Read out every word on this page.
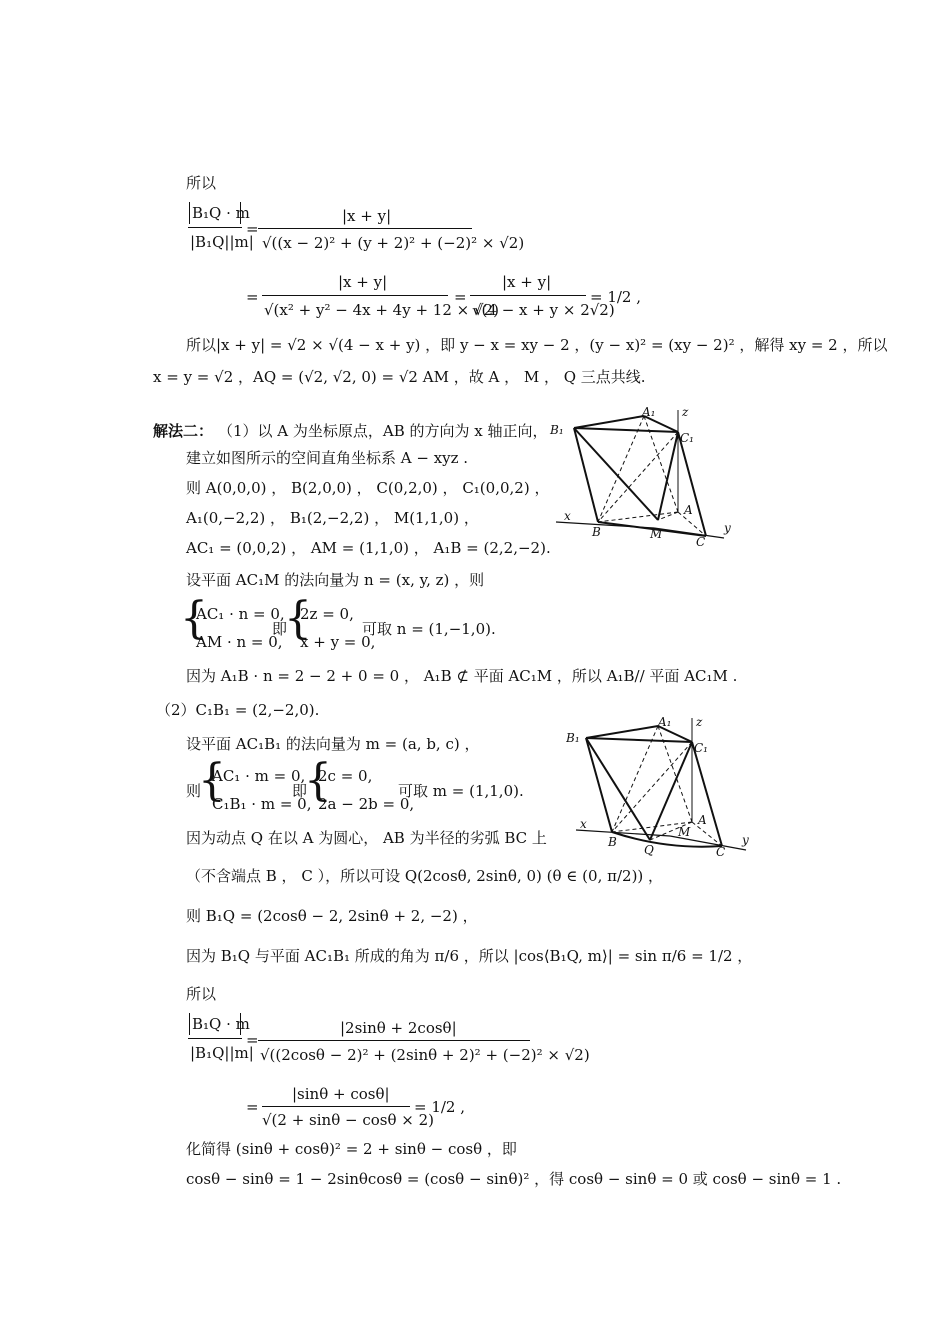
所以
B₁Q · m
|B₁Q||m|
=
|x + y|
√((x − 2)² + (y + 2)² + (−2)² × √2)
=
|x + y|
√(x² + y² − 4x + 4y + 12 × √2)
=
|x + y|
√(4 − x + y × 2√2)
= 1/2 ,
所以|x + y| = √2 × √(4 − x + y) ，即 y − x = xy − 2 ，(y − x)² = (xy − 2)² ，解得 xy = 2 ，所以
x = y = √2 ，AQ = (√2, √2, 0) = √2 AM ，故 A ， M ， Q 三点共线.
解法二： （1）以 A 为坐标原点，AB 的方向为 x 轴正向，
建立如图所示的空间直角坐标系 A − xyz .
则 A(0,0,0) ， B(2,0,0) ， C(0,2,0) ， C₁(0,0,2) ，
A₁(0,−2,2) ， B₁(2,−2,2) ， M(1,1,0) ，
AC₁ = (0,0,2) ， AM = (1,1,0) ， A₁B = (2,2,−2).
设平面 AC₁M 的法向量为 n = (x, y, z) ，则
{
AC₁ · n = 0,
AM · n = 0,
即
{
2z = 0,
x + y = 0,
可取 n = (1,−1,0).
因为 A₁B · n = 2 − 2 + 0 = 0 ， A₁B ⊄ 平面 AC₁M ，所以 A₁B// 平面 AC₁M .
（2）C₁B₁ = (2,−2,0).
设平面 AC₁B₁ 的法向量为 m = (a, b, c) ，
则
{
AC₁ · m = 0,
C₁B₁ · m = 0,
即
{
2c = 0,
2a − 2b = 0,
可取 m = (1,1,0).
因为动点 Q 在以 A 为圆心， AB 为半径的劣弧 BC 上
（不含端点 B ， C ），所以可设 Q(2cosθ, 2sinθ, 0) (θ ∈ (0, π/2)) ，
则 B₁Q = (2cosθ − 2, 2sinθ + 2, −2) ，
因为 B₁Q 与平面 AC₁B₁ 所成的角为 π/6 ，所以 |cos⟨B₁Q, m⟩| = sin π/6 = 1/2 ，
所以
B₁Q · m
|B₁Q||m|
=
|2sinθ + 2cosθ|
√((2cosθ − 2)² + (2sinθ + 2)² + (−2)² × √2)
=
|sinθ + cosθ|
√(2 + sinθ − cosθ × 2)
= 1/2 ,
化简得 (sinθ + cosθ)² = 2 + sinθ − cosθ ，即
cosθ − sinθ = 1 − 2sinθcosθ = (cosθ − sinθ)² ，得 cosθ − sinθ = 0 或 cosθ − sinθ = 1 .
A₁ z
B₁
C₁
A
x
B	M
C
y
A₁ z
B₁
C₁
A
x
B
Q
M
C
y
